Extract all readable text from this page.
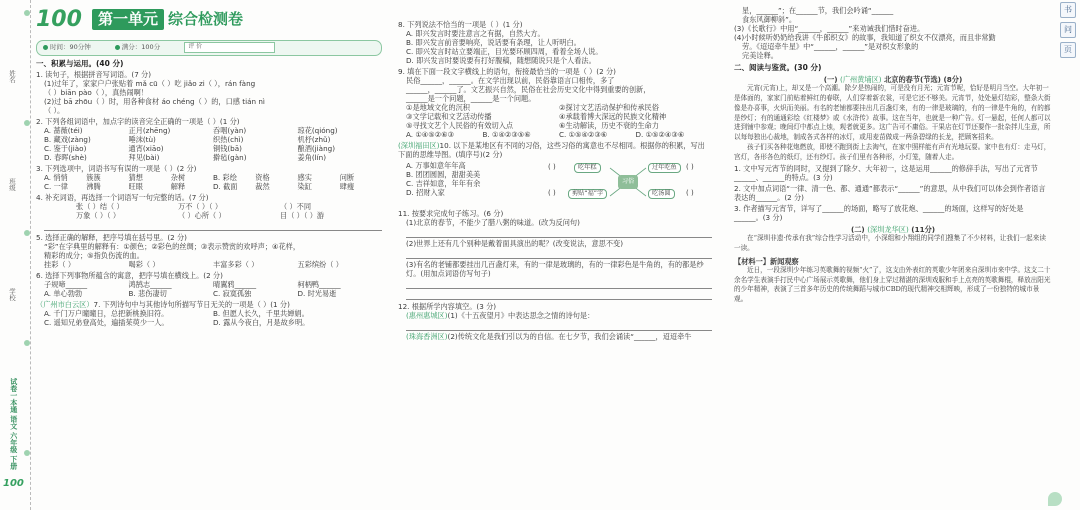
姓名
班级
学校
试卷一本通 语文 六年级 下册
100
100	第一单元 综合检测卷
时间：90分钟	满分：100分	评 价
一、积累与运用。(40 分)
1. 读句子，根据拼音写词语。(7 分)
(1)过年了，家家户户张贴着 mǎ cū（ ）吃 jiǎo zi（ ），rán fàng
（ ）biān pào（ ），真热闹啊！
(2)过 bā zhōu（ ）时，用各种食材 áo chéng（ ）的，口感 tián nì
（ ）。
2. 下列各组词语中，加点字的读音完全正确的一项是（ ）(1 分)
A. 蔷薇(téi)	正月(zhēng)	吞咽(yàn)	琼花(qióng)
B. 藏戏(zàng)	唾沫(tù)	织热(chì)	机杼(zhǔ)
C. 鉴于(jiào)	通宵(xiāo)	铜钱(bā)	酿酒(jiàng)
D. 春晖(shè)	拜见(bài)	擀毡(gàn)	姜角(lín)
3. 下列选项中，词语书写有误的一项是（ ）(2 分)
A. 悄悄	簇簇	猜想	杂树	B. 彩绘	资格	感实	问断
C. 一律	沸腾	旺眼	解释	D. 截面	裁然	染缸	肆瘦
4. 补充词语，再选择一个词语写一句完整的话。(7 分)
张（ ）结（ ）	万不（ ）（ ）	（ ）不同
万象（ ）（ ）	（ ）心所（ ）	目（ ）（ ）游
5. 选择正确的解释，把序号填在括号里。(2 分)
“彩”在字典里的解释有：①颜色；②彩色的丝绸；③表示赞赏的欢呼声；④花样，
精彩的成分；⑤指负伤流的血。
挂彩（ ）	喝彩（ ）	丰富多彩（ ）	五彩缤纷（ ）
6. 选择下列事物所蕴含的寓意，把序号填在横线上。(2 分)
子规啼______	鸿鹄志______	晴翼鸦______	柯柄鸭______
A. 单心勃勃	B. 悲伤凄切	C. 寂寞孤独	D. 时光易逝
（广州市白云区）7. 下列诗句中与其他诗句所描写节日无关的一项是（ ）(1 分)
A. 千门万户曈曈日，总把新桃换旧符。	B. 但愿人长久，千里共婵娟。
C. 遥知兄弟登高处，遍插茱萸少一人。	D. 露从今夜白，月是故乡明。
8. 下列说法不恰当的一项是（ ）(1 分)
A. 即兴发言时要注意言之有据，自然大方。
B. 即兴发言前音要响亮，说话要有条理，让人听明白。
C. 即兴发言时站立要端正，目光要环顾四周，看着全场人说。
D. 即兴发言时要说要有打好腹稿，随想随说只是个人看法。
9. 填在下面一段文字横线上的语句，衔接最恰当的一项是（ ）(2 分)
民俗______，______。在文学出现以前，民俗靠语言口相传，多了
______，______了。文艺振兴自然，民俗在社会历史文化中得到重要的创新，
______是一个问题，______是一个问题。
①是地域文化的沉积	②探讨文艺活动保护和传承民俗
③文学记载和文艺活动传播	④承载着博大深远的民族文化精神
⑤寻找文艺个人民俗的有效切入点	⑥生动解读，历史不衰的生命力
A. ①④⑤②⑥③	B. ①④②③⑤⑥	C. ①⑤④②③⑥	D. ①⑤②④③⑥
(深圳福田区)10. 以下是某地区有不同的习俗，这些习俗的寓意也不尽相同。根据你的积累，写出下面的思维导图。(填序号)(2 分)
A. 万事如意年年高
B. 团团圆圆，甜甜美美
C. 吉祥如意，年年有余
D. 招财入家
( )	吃年糕	过年吃鱼	( )
习俗
( )	剪贴“福”字	吃汤圆	( )
11. 按要求完成句子练习。(6 分)
(1)北京的春节，不能少了腊八粥的味道。(改为反问句)
(2)世界上还有几个别种是戴着面具演出的呢？(改变说法，意思不变)
(3)有名的老铺都要挂出几百盏灯来，有的一律是玻璃的，有的一律彩色是牛角的，有的都是纱灯。(用加点词语仿写句子)
12. 根据所学内容填空。(3 分)
(惠州惠城区)(1)《十五夜望月》中表达思念之情的诗句是：
(珠海香洲区)(2)传统文化是我们引以为的自信。在七夕节，我们会诵读“______，迢迢牵牛
星，______”；在______节，我们会吟诵“______
食东风御柳斜”。
(3)《长歌行》中用“______，______”来劝诫我们惜时奋进。
(4)小时候听奶奶给我讲《牛郎织女》的故事，我知道了织女不仅漂亮，而且非常勤
劳。《迢迢牵牛星》中“______，______”是对织女形象的
完美诠释。
二、阅读与鉴赏。(30 分)
(一) (广州黄埔区) 北京的春节(节选) (8分)
元宵(元宵)上，却又是一个高潮。除夕是热闹的，可是没有月光；元宵节呢，恰好是明月当空。大年初一是体面的，家家门前贴着鲜红的春联，人们穿着新衣裳，可是它还不够美。元宵节，处处悬灯结彩，整条大街像是办喜事，火炽而美丽。有名的老铺都要挂出几百盏灯来，有的一律是玻璃的，有的一律是牛角的，有的都是纱灯；有的通通彩绘《红楼梦》或《水浒传》故事。这在当年，也就是一种广告。灯一悬起，任何人都可以进到铺中参观；晚间灯中都点上烛，观者就更多。这广告可不庸俗。干果店在灯节还要作一批杂拌儿生意，所以每每独出心裁地，制成各式各样的冰灯，或用麦苗做成一两条碧绿的长龙，把顾客招来。
孩子们买各种花炮燃放，即使不跑到街上去淘气，在家中照样能有声有光地玩耍。家中也有灯：走马灯，宫灯，各形各色的纸灯，还有纱灯。孩子们里有各种形，小灯笼，随着人走。
1. 文中写元宵节的同时，又提到了除夕、大年初一，这是运用______的修辞手法，写出了元宵节______、______的特点。(3 分)
2. 文中加点词语“一律、清一色、都、通通”都表示“______”的意思，从中我们可以体会到作者语言表达的______。(2 分)
3. 作者描写元宵节，详写了______的场面，略写了放花炮、______的场面，这样写的好处是______。(3 分)
(二) (深圳龙华区) (11分)
在“深圳非遗·传承有我”综合性学习活动中，小深组和小翔组的同学们搜集了不少材料，让我们一起来读一读。
【材料一】新闻观察
近日，一段深圳少年练习英歌舞的视频“火”了，这支由外表红的英歌少年团来自深圳市来中学。这支二十余名学生表演手打民中心广场展示英歌舞，他们身上穿过精湛的深圳戏服和手上点亮的英歌舞棍，释放出阳光的少年精神，表演了三首多年历史的传统舞蹈与城市CBD的现代精神交相辉映，形成了一份独特的城市景观。
书
问
页
